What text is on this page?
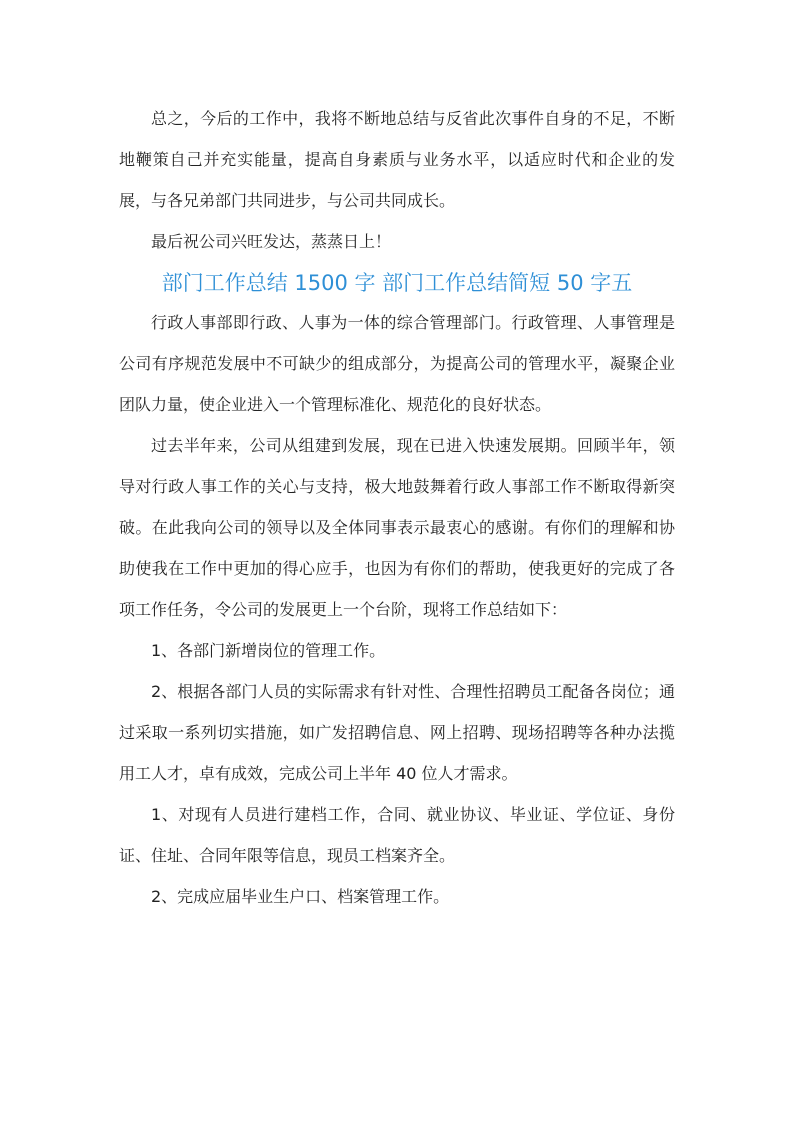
总之，今后的工作中，我将不断地总结与反省此次事件自身的不足，不断地鞭策自己并充实能量，提高自身素质与业务水平，以适应时代和企业的发展，与各兄弟部门共同进步，与公司共同成长。

最后祝公司兴旺发达，蒸蒸日上！

部门工作总结 1500 字 部门工作总结简短 50 字五

行政人事部即行政、人事为一体的综合管理部门。行政管理、人事管理是公司有序规范发展中不可缺少的组成部分，为提高公司的管理水平，凝聚企业团队力量，使企业进入一个管理标准化、规范化的良好状态。

过去半年来，公司从组建到发展，现在已进入快速发展期。回顾半年，领导对行政人事工作的关心与支持，极大地鼓舞着行政人事部工作不断取得新突破。在此我向公司的领导以及全体同事表示最衷心的感谢。有你们的理解和协助使我在工作中更加的得心应手，也因为有你们的帮助，使我更好的完成了各项工作任务，令公司的发展更上一个台阶，现将工作总结如下：

1、各部门新增岗位的管理工作。

2、根据各部门人员的实际需求有针对性、合理性招聘员工配备各岗位；通过采取一系列切实措施，如广发招聘信息、网上招聘、现场招聘等各种办法揽用工人才，卓有成效，完成公司上半年 40 位人才需求。

1、对现有人员进行建档工作，合同、就业协议、毕业证、学位证、身份证、住址、合同年限等信息，现员工档案齐全。

2、完成应届毕业生户口、档案管理工作。
